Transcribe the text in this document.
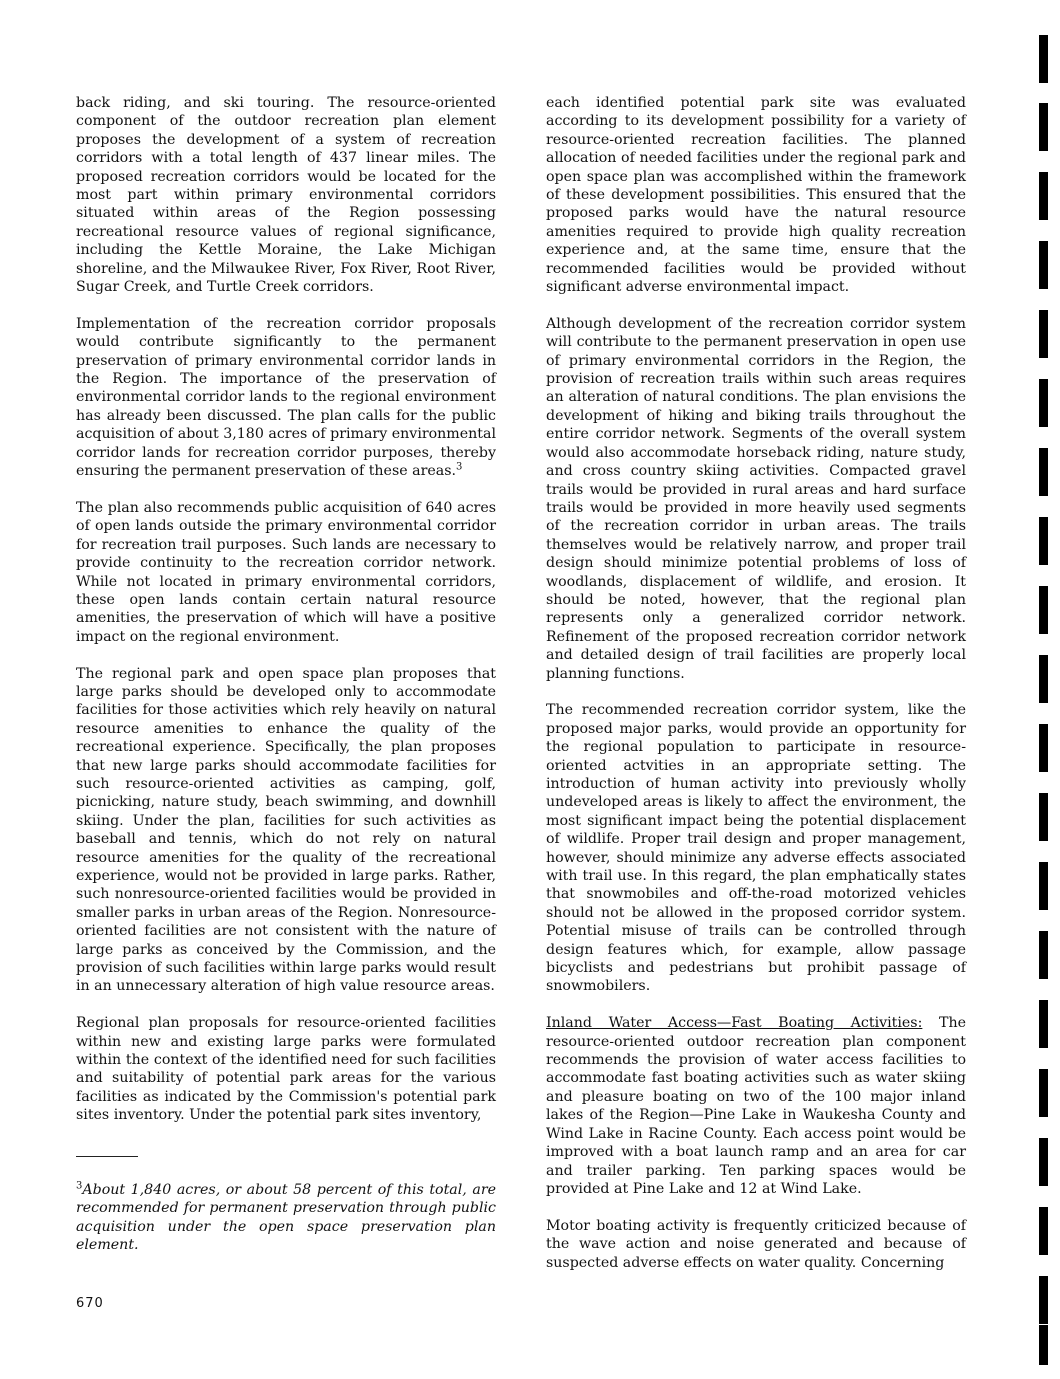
back riding, and ski touring. The resource-oriented component of the outdoor recreation plan element proposes the development of a system of recreation corridors with a total length of 437 linear miles. The proposed recreation corridors would be located for the most part within primary environmental corridors situated within areas of the Region possessing recreational resource values of regional significance, including the Kettle Moraine, the Lake Michigan shoreline, and the Milwaukee River, Fox River, Root River, Sugar Creek, and Turtle Creek corridors.

Implementation of the recreation corridor proposals would contribute significantly to the permanent preservation of primary environmental corridor lands in the Region. The importance of the preservation of environmental corridor lands to the regional environment has already been discussed. The plan calls for the public acquisition of about 3,180 acres of primary environmental corridor lands for recreation corridor purposes, thereby ensuring the permanent preservation of these areas.$^3$

The plan also recommends public acquisition of 640 acres of open lands outside the primary environmental corridor for recreation trail purposes. Such lands are necessary to provide continuity to the recreation corridor network. While not located in primary environmental corridors, these open lands contain certain natural resource amenities, the preservation of which will have a positive impact on the regional environment.

The regional park and open space plan proposes that large parks should be developed only to accommodate facilities for those activities which rely heavily on natural resource amenities to enhance the quality of the recreational experience. Specifically, the plan proposes that new large parks should accommodate facilities for such resource-oriented activities as camping, golf, picnicking, nature study, beach swimming, and downhill skiing. Under the plan, facilities for such activities as baseball and tennis, which do not rely on natural resource amenities for the quality of the recreational experience, would not be provided in large parks. Rather, such nonresource-oriented facilities would be provided in smaller parks in urban areas of the Region. Nonresource-oriented facilities are not consistent with the nature of large parks as conceived by the Commission, and the provision of such facilities within large parks would result in an unnecessary alteration of high value resource areas.

Regional plan proposals for resource-oriented facilities within new and existing large parks were formulated within the context of the identified need for such facilities and suitability of potential park areas for the various facilities as indicated by the Commission's potential park sites inventory. Under the potential park sites inventory,

$^3$About 1,840 acres, or about 58 percent of this total, are recommended for permanent preservation through public acquisition under the open space preservation plan element.

each identified potential park site was evaluated according to its development possibility for a variety of resource-oriented recreation facilities. The planned allocation of needed facilities under the regional park and open space plan was accomplished within the framework of these development possibilities. This ensured that the proposed parks would have the natural resource amenities required to provide high quality recreation experience and, at the same time, ensure that the recommended facilities would be provided without significant adverse environmental impact.

Although development of the recreation corridor system will contribute to the permanent preservation in open use of primary environmental corridors in the Region, the provision of recreation trails within such areas requires an alteration of natural conditions. The plan envisions the development of hiking and biking trails throughout the entire corridor network. Segments of the overall system would also accommodate horseback riding, nature study, and cross country skiing activities. Compacted gravel trails would be provided in rural areas and hard surface trails would be provided in more heavily used segments of the recreation corridor in urban areas. The trails themselves would be relatively narrow, and proper trail design should minimize potential problems of loss of woodlands, displacement of wildlife, and erosion. It should be noted, however, that the regional plan represents only a generalized corridor network. Refinement of the proposed recreation corridor network and detailed design of trail facilities are properly local planning functions.

The recommended recreation corridor system, like the proposed major parks, would provide an opportunity for the regional population to participate in resource-oriented actvities in an appropriate setting. The introduction of human activity into previously wholly undeveloped areas is likely to affect the environment, the most significant impact being the potential displacement of wildlife. Proper trail design and proper management, however, should minimize any adverse effects associated with trail use. In this regard, the plan emphatically states that snowmobiles and off-the-road motorized vehicles should not be allowed in the proposed corridor system. Potential misuse of trails can be controlled through design features which, for example, allow passage bicyclists and pedestrians but prohibit passage of snowmobilers.

Inland Water Access—Fast Boating Activities: The resource-oriented outdoor recreation plan component recommends the provision of water access facilities to accommodate fast boating activities such as water skiing and pleasure boating on two of the 100 major inland lakes of the Region—Pine Lake in Waukesha County and Wind Lake in Racine County. Each access point would be improved with a boat launch ramp and an area for car and trailer parking. Ten parking spaces would be provided at Pine Lake and 12 at Wind Lake.

Motor boating activity is frequently criticized because of the wave action and noise generated and because of suspected adverse effects on water quality. Concerning

670
